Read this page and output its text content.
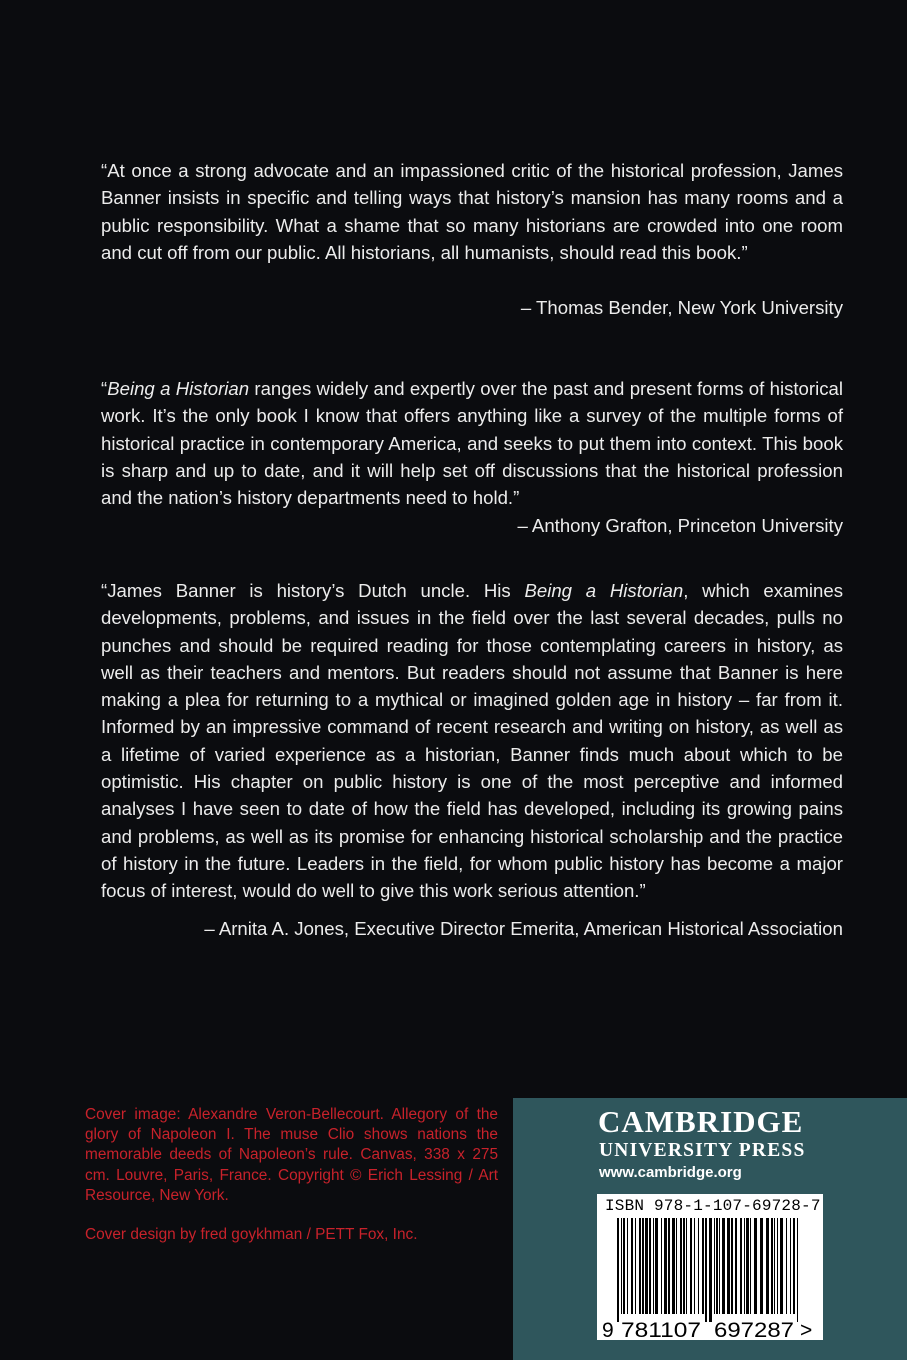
“At once a strong advocate and an impassioned critic of the historical profession, James Banner insists in specific and telling ways that history’s mansion has many rooms and a public responsibility. What a shame that so many historians are crowded into one room and cut off from our public. All historians, all humanists, should read this book.”
– Thomas Bender, New York University
“Being a Historian ranges widely and expertly over the past and present forms of historical work. It’s the only book I know that offers anything like a survey of the multiple forms of historical practice in contemporary America, and seeks to put them into context. This book is sharp and up to date, and it will help set off discussions that the historical profession and the nation’s history departments need to hold.”
– Anthony Grafton, Princeton University
“James Banner is history’s Dutch uncle. His Being a Historian, which examines developments, problems, and issues in the field over the last several decades, pulls no punches and should be required reading for those contemplating careers in history, as well as their teachers and mentors. But readers should not assume that Banner is here making a plea for returning to a mythical or imagined golden age in history – far from it. Informed by an impressive command of recent research and writing on history, as well as a lifetime of varied experience as a historian, Banner finds much about which to be optimistic. His chapter on public history is one of the most perceptive and informed analyses I have seen to date of how the field has developed, including its growing pains and problems, as well as its promise for enhancing historical scholarship and the practice of history in the future. Leaders in the field, for whom public history has become a major focus of interest, would do well to give this work serious attention.”
– Arnita A. Jones, Executive Director Emerita, American Historical Association
Cover image: Alexandre Veron-Bellecourt. Allegory of the glory of Napoleon I. The muse Clio shows nations the memorable deeds of Napoleon’s rule. Canvas, 338 x 275 cm. Louvre, Paris, France. Copyright © Erich Lessing / Art Resource, New York.
Cover design by fred goykhman / PETT Fox, Inc.
CAMBRIDGE
UNIVERSITY PRESS
www.cambridge.org
ISBN 978-1-107-69728-7
9 781107 697287 >
